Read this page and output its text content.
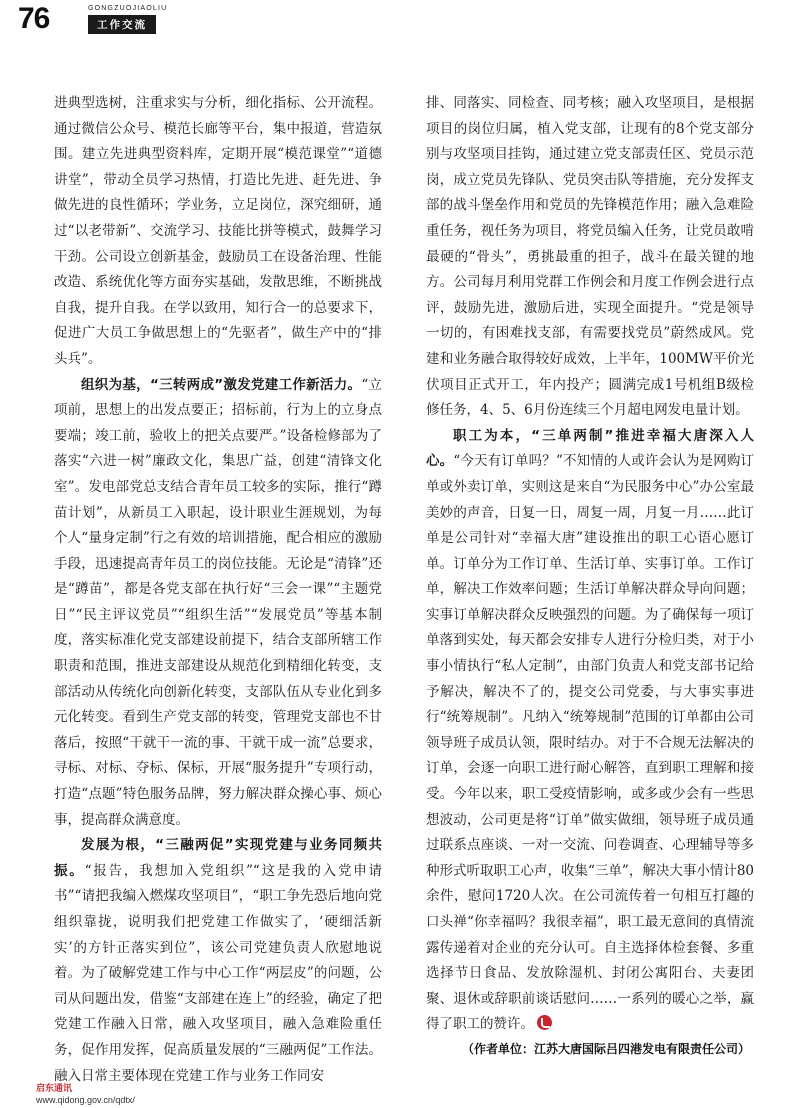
76	GONGZUOJIAOLIU
工作交流

进典型选树，注重求实与分析，细化指标、公开流程。通过微信公众号、模范长廊等平台，集中报道，营造氛围。建立先进典型资料库，定期开展“模范课堂”“道德讲堂”，带动全员学习热情，打造比先进、赶先进、争做先进的良性循环；学业务，立足岗位，深究细研，通过“以老带新”、交流学习、技能比拼等模式，鼓舞学习干劲。公司设立创新基金，鼓励员工在设备治理、性能改造、系统优化等方面夯实基础，发散思维，不断挑战自我，提升自我。在学以致用，知行合一的总要求下，促进广大员工争做思想上的“先驱者”，做生产中的“排头兵”。

组织为基，“三转两成”激发党建工作新活力。“立项前，思想上的出发点要正；招标前，行为上的立身点要端；竣工前，验收上的把关点要严。”设备检修部为了落实“六进一树”廉政文化，集思广益，创建“清锋文化室”。发电部党总支结合青年员工较多的实际，推行“蹲苗计划”，从新员工入职起，设计职业生涯规划，为每个人“量身定制”行之有效的培训措施，配合相应的激励手段，迅速提高青年员工的岗位技能。无论是“清锋”还是“蹲苗”，都是各党支部在执行好“三会一课”“主题党日”“民主评议党员”“组织生活”“发展党员”等基本制度，落实标准化党支部建设前提下，结合支部所辖工作职责和范围，推进支部建设从规范化到精细化转变，支部活动从传统化向创新化转变，支部队伍从专业化到多元化转变。看到生产党支部的转变，管理党支部也不甘落后，按照“干就干一流的事、干就干成一流”总要求，寻标、对标、夺标、保标，开展“服务提升”专项行动，打造“点题”特色服务品牌，努力解决群众操心事、烦心事，提高群众满意度。

发展为根，“三融两促”实现党建与业务同频共振。“报告，我想加入党组织”“这是我的入党申请书”“请把我编入燃煤攻坚项目”，“职工争先恐后地向党组织靠拢，说明我们把党建工作做实了，‘硬细活新实’的方针正落实到位”，该公司党建负责人欣慰地说着。为了破解党建工作与中心工作“两层皮”的问题，公司从问题出发，借鉴“支部建在连上”的经验，确定了把党建工作融入日常，融入攻坚项目，融入急难险重任务，促作用发挥，促高质量发展的“三融两促”工作法。融入日常主要体现在党建工作与业务工作同安

排、同落实、同检查、同考核；融入攻坚项目，是根据项目的岗位归属，植入党支部，让现有的8个党支部分别与攻坚项目挂钩，通过建立党支部责任区、党员示范岗，成立党员先锋队、党员突击队等措施，充分发挥支部的战斗堡垒作用和党员的先锋模范作用；融入急难险重任务，视任务为项目，将党员编入任务，让党员敢啃最硬的“骨头”，勇挑最重的担子，战斗在最关键的地方。公司每月利用党群工作例会和月度工作例会进行点评，鼓励先进，激励后进，实现全面提升。“党是领导一切的，有困难找支部，有需要找党员”蔚然成风。党建和业务融合取得较好成效，上半年，100MW平价光伏项目正式开工，年内投产；圆满完成1号机组B级检修任务，4、5、6月份连续三个月超电网发电量计划。

职工为本，“三单两制”推进幸福大唐深入人心。“今天有订单吗？”不知情的人或许会认为是网购订单或外卖订单，实则这是来自“为民服务中心”办公室最美妙的声音，日复一日，周复一周，月复一月……此订单是公司针对“幸福大唐”建设推出的职工心语心愿订单。订单分为工作订单、生活订单、实事订单。工作订单，解决工作效率问题；生活订单解决群众导向问题；实事订单解决群众反映强烈的问题。为了确保每一项订单落到实处，每天都会安排专人进行分检归类，对于小事小情执行“私人定制”，由部门负责人和党支部书记给予解决，解决不了的，提交公司党委，与大事实事进行“统筹规制”。凡纳入“统筹规制”范围的订单都由公司领导班子成员认领，限时结办。对于不合规无法解决的订单，会逐一向职工进行耐心解答，直到职工理解和接受。今年以来，职工受疫情影响，或多或少会有一些思想波动，公司更是将“订单”做实做细，领导班子成员通过联系点座谈、一对一交流、问卷调查、心理辅导等多种形式听取职工心声，收集“三单”，解决大事小情计80余件，慰问1720人次。在公司流传着一句相互打趣的口头禅“你幸福吗？我很幸福”，职工最无意间的真情流露传递着对企业的充分认可。自主选择体检套餐、多重选择节日食品、发放除湿机、封闭公寓阳台、夫妻团聚、退休或辞职前谈话慰问……一系列的暖心之举，赢得了职工的赞许。

（作者单位：江苏大唐国际吕四港发电有限责任公司）
启东通讯
www.qidong.gov.cn/qdtx/
